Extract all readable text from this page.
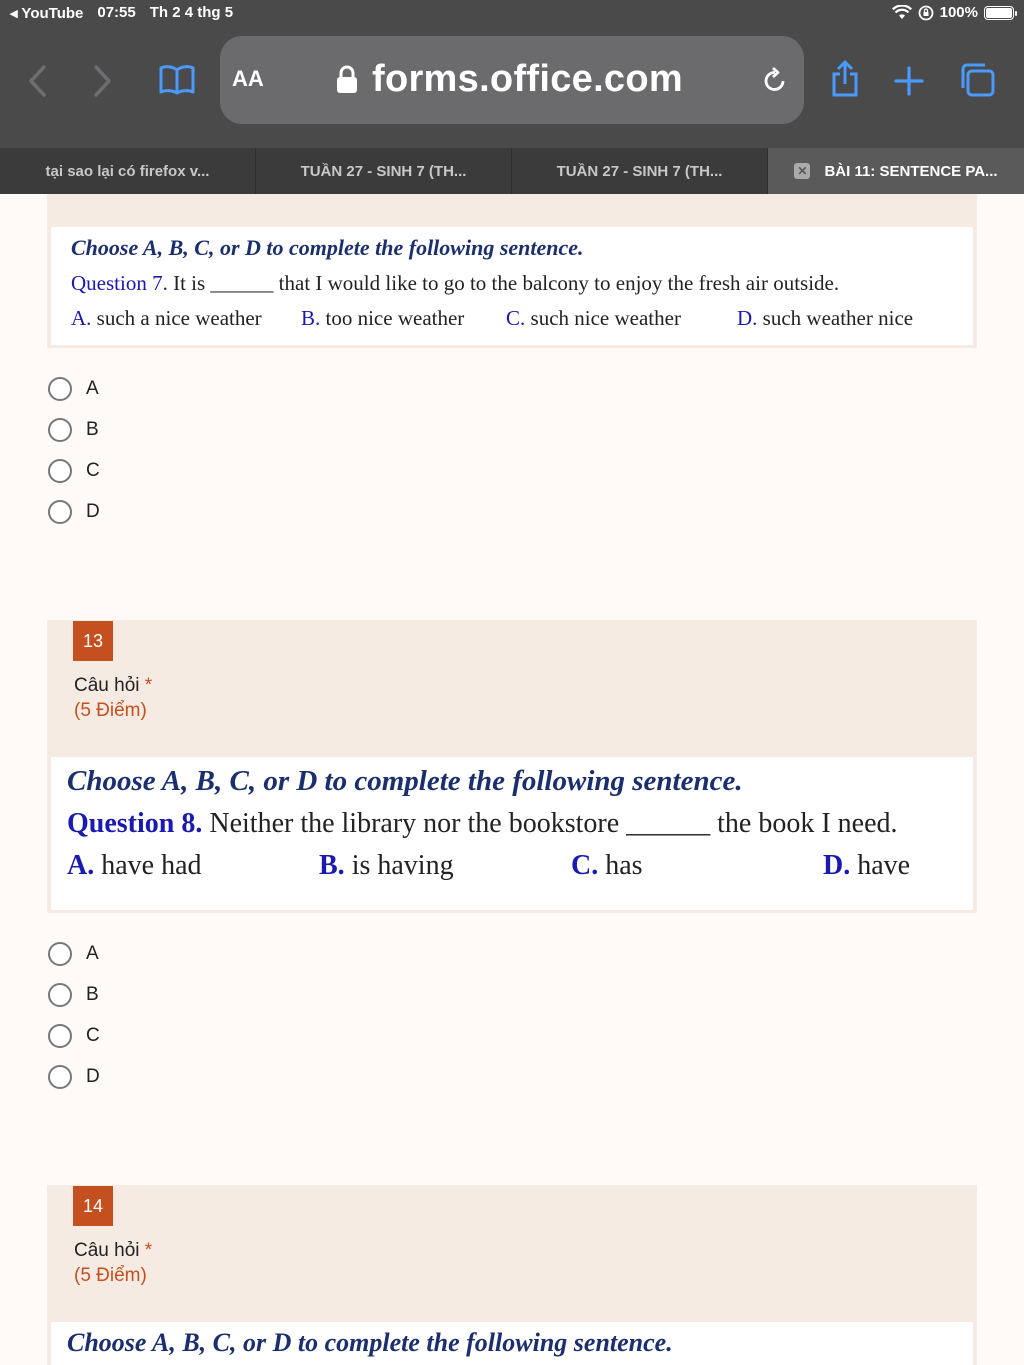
◂ YouTube 07:55 Th 2 4 thg 5	100%
AA	forms.office.com
tại sao lại có firefox v...	TUẦN 27 - SINH 7 (TH...	TUẦN 27 - SINH 7 (TH...	✕ BÀI 11: SENTENCE PA...
Choose A, B, C, or D to complete the following sentence.
Question 7. It is ______ that I would like to go to the balcony to enjoy the fresh air outside.
A. such a nice weather B. too nice weather C. such nice weather	D. such weather nice
A
B
C
D
13
Câu hỏi *
(5 Điểm)
Choose A, B, C, or D to complete the following sentence.
Question 8. Neither the library nor the bookstore ______ the book I need.
A. have had	B. is having	C. has	D. have
A
B
C
D
14
Câu hỏi *
(5 Điểm)
Choose A, B, C, or D to complete the following sentence.
